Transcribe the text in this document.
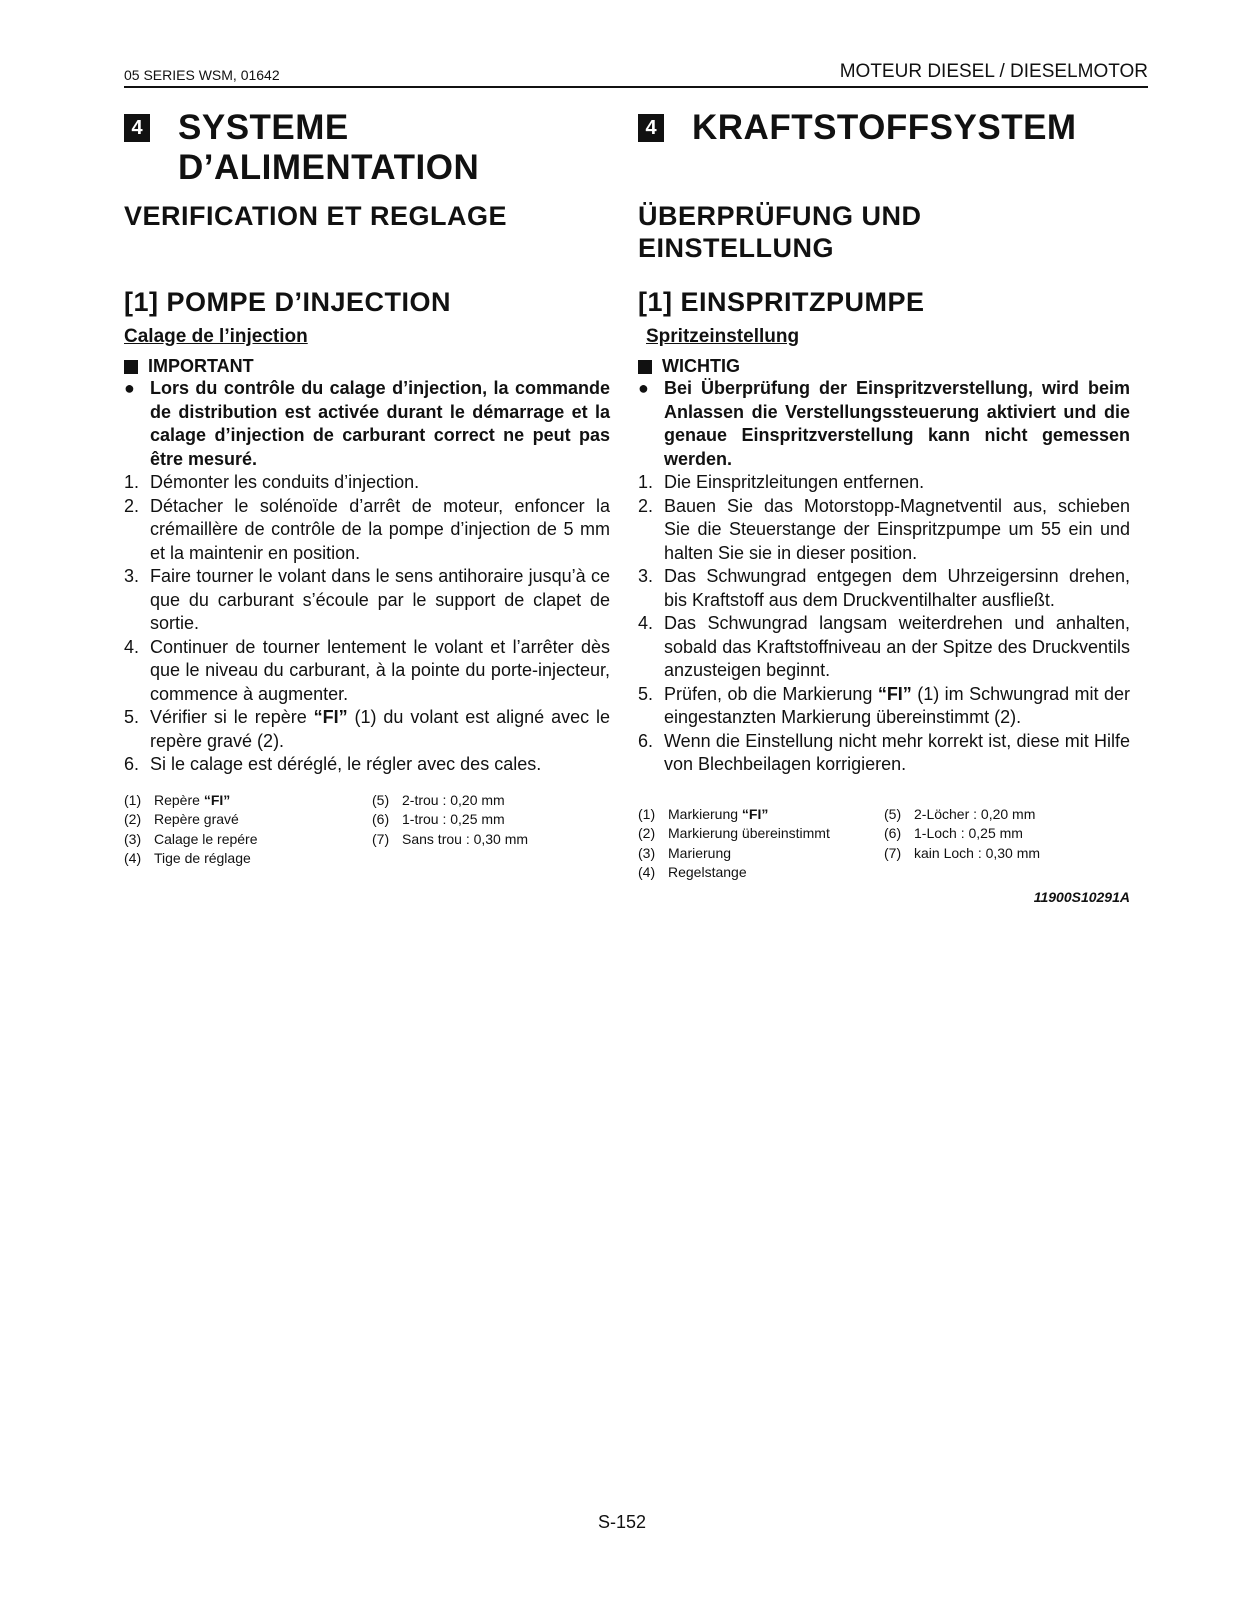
05 SERIES WSM, 01642	MOTEUR DIESEL / DIESELMOTOR
4 SYSTEME
D’ALIMENTATION
VERIFICATION ET REGLAGE
[1] POMPE D’INJECTION
Calage de l’injection
IMPORTANT
● Lors du contrôle du calage d’injection, la commande de distribution est activée durant le démarrage et la calage d’injection de carburant correct ne peut pas être mesuré.
1. Démonter les conduits d’injection.
2. Détacher le solénoïde d’arrêt de moteur, enfoncer la crémaillère de contrôle de la pompe d’injection de 5 mm et la maintenir en position.
3. Faire tourner le volant dans le sens antihoraire jusqu’à ce que du carburant s’écoule par le support de clapet de sortie.
4. Continuer de tourner lentement le volant et l’arrêter dès que le niveau du carburant, à la pointe du porte-injecteur, commence à augmenter.
5. Vérifier si le repère “FI” (1) du volant est aligné avec le repère gravé (2).
6. Si le calage est déréglé, le régler avec des cales.
(1) Repère “FI”	(5) 2-trou : 0,20 mm
(2) Repère gravé	(6) 1-trou : 0,25 mm
(3) Calage le repére	(7) Sans trou : 0,30 mm
(4) Tige de réglage
4 KRAFTSTOFFSYSTEM
ÜBERPRÜFUNG UND
EINSTELLUNG
[1] EINSPRITZPUMPE
Spritzeinstellung
WICHTIG
● Bei Überprüfung der Einspritzverstellung, wird beim Anlassen die Verstellungssteuerung aktiviert und die genaue Einspritzverstellung kann nicht gemessen werden.
1. Die Einspritzleitungen entfernen.
2. Bauen Sie das Motorstopp-Magnetventil aus, schieben Sie die Steuerstange der Einspritzpumpe um 55 ein und halten Sie sie in dieser position.
3. Das Schwungrad entgegen dem Uhrzeigersinn drehen, bis Kraftstoff aus dem Druckventilhalter ausfließt.
4. Das Schwungrad langsam weiterdrehen und anhalten, sobald das Kraftstoffniveau an der Spitze des Druckventils anzusteigen beginnt.
5. Prüfen, ob die Markierung “FI” (1) im Schwungrad mit der eingestanzten Markierung übereinstimmt (2).
6. Wenn die Einstellung nicht mehr korrekt ist, diese mit Hilfe von Blechbeilagen korrigieren.
(1) Markierung “FI”	(5) 2-Löcher : 0,20 mm
(2) Markierung übereinstimmt	(6) 1-Loch : 0,25 mm
(3) Marierung	(7) kain Loch : 0,30 mm
(4) Regelstange
11900S10291A
S-152
